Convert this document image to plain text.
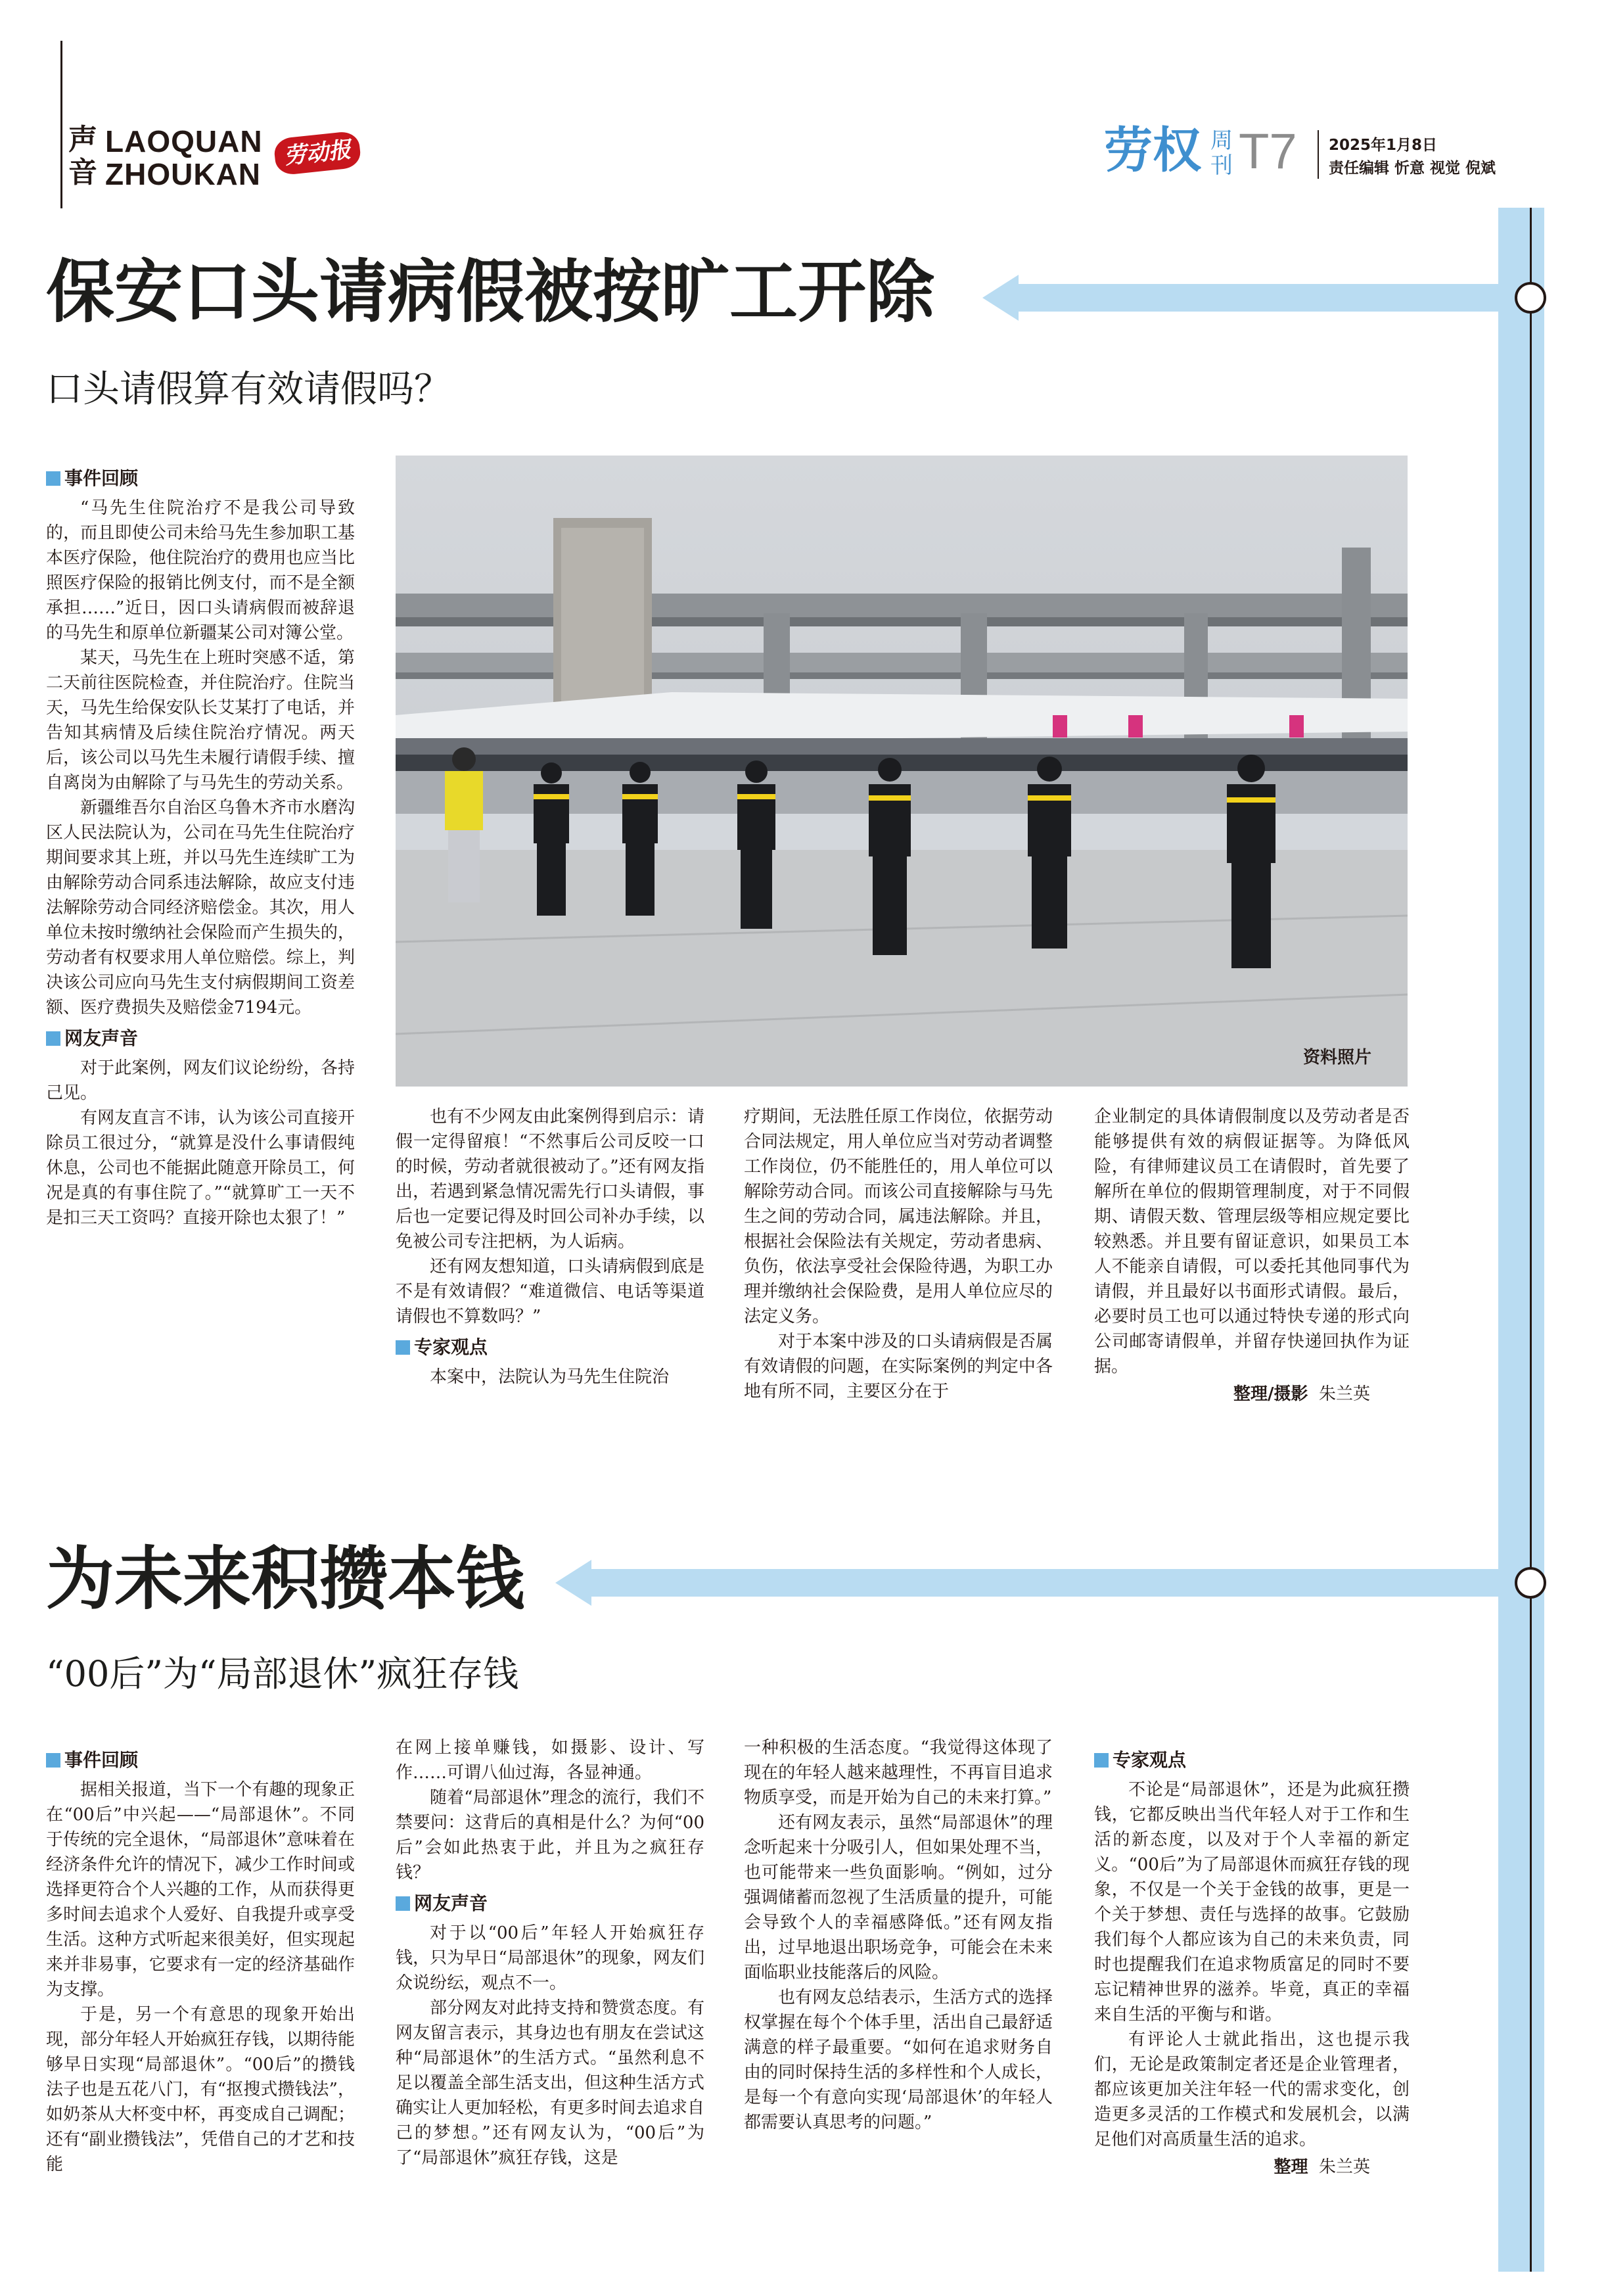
声
音
LAOQUAN
ZHOUKAN
劳动报	劳权 周
刊 T7 2025年1月8日
责任编辑 忻意 视觉 倪斌
保安口头请病假被按旷工开除
口头请假算有效请假吗？
资料照片
事件回顾

“马先生住院治疗不是我公司导致的，而且即使公司未给马先生参加职工基本医疗保险，他住院治疗的费用也应当比照医疗保险的报销比例支付，而不是全额承担……”近日，因口头请病假而被辞退的马先生和原单位新疆某公司对簿公堂。

某天，马先生在上班时突感不适，第二天前往医院检查，并住院治疗。住院当天，马先生给保安队长艾某打了电话，并告知其病情及后续住院治疗情况。两天后，该公司以马先生未履行请假手续、擅自离岗为由解除了与马先生的劳动关系。

新疆维吾尔自治区乌鲁木齐市水磨沟区人民法院认为，公司在马先生住院治疗期间要求其上班，并以马先生连续旷工为由解除劳动合同系违法解除，故应支付违法解除劳动合同经济赔偿金。其次，用人单位未按时缴纳社会保险而产生损失的，劳动者有权要求用人单位赔偿。综上，判决该公司应向马先生支付病假期间工资差额、医疗费损失及赔偿金7194元。

网友声音

对于此案例，网友们议论纷纷，各持己见。

有网友直言不讳，认为该公司直接开除员工很过分，“就算是没什么事请假纯休息，公司也不能据此随意开除员工，何况是真的有事住院了。”“就算旷工一天不是扣三天工资吗？直接开除也太狠了！”

也有不少网友由此案例得到启示：请假一定得留痕！“不然事后公司反咬一口的时候，劳动者就很被动了。”还有网友指出，若遇到紧急情况需先行口头请假，事后也一定要记得及时回公司补办手续，以免被公司专注把柄，为人诟病。

还有网友想知道，口头请病假到底是不是有效请假？“难道微信、电话等渠道请假也不算数吗？”

专家观点

本案中，法院认为马先生住院治

疗期间，无法胜任原工作岗位，依据劳动合同法规定，用人单位应当对劳动者调整工作岗位，仍不能胜任的，用人单位可以解除劳动合同。而该公司直接解除与马先生之间的劳动合同，属违法解除。并且，根据社会保险法有关规定，劳动者患病、负伤，依法享受社会保险待遇，为职工办理并缴纳社会保险费，是用人单位应尽的法定义务。

对于本案中涉及的口头请病假是否属有效请假的问题，在实际案例的判定中各地有所不同，主要区分在于

企业制定的具体请假制度以及劳动者是否能够提供有效的病假证据等。为降低风险，有律师建议员工在请假时，首先要了解所在单位的假期管理制度，对于不同假期、请假天数、管理层级等相应规定要比较熟悉。并且要有留证意识，如果员工本人不能亲自请假，可以委托其他同事代为请假，并且最好以书面形式请假。最后，必要时员工也可以通过特快专递的形式向公司邮寄请假单，并留存快递回执作为证据。

整理/摄影 朱兰英
为未来积攒本钱
“00后”为“局部退休”疯狂存钱
事件回顾

据相关报道，当下一个有趣的现象正在“00后”中兴起——“局部退休”。不同于传统的完全退休，“局部退休”意味着在经济条件允许的情况下，减少工作时间或选择更符合个人兴趣的工作，从而获得更多时间去追求个人爱好、自我提升或享受生活。这种方式听起来很美好，但实现起来并非易事，它要求有一定的经济基础作为支撑。

于是，另一个有意思的现象开始出现，部分年轻人开始疯狂存钱，以期待能够早日实现“局部退休”。“00后”的攒钱法子也是五花八门，有“抠搜式攒钱法”，如奶茶从大杯变中杯，再变成自己调配；还有“副业攒钱法”，凭借自己的才艺和技能

在网上接单赚钱，如摄影、设计、写作……可谓八仙过海，各显神通。

随着“局部退休”理念的流行，我们不禁要问：这背后的真相是什么？为何“00后”会如此热衷于此，并且为之疯狂存钱？

网友声音

对于以“00后”年轻人开始疯狂存钱，只为早日“局部退休”的现象，网友们众说纷纭，观点不一。

部分网友对此持支持和赞赏态度。有网友留言表示，其身边也有朋友在尝试这种“局部退休”的生活方式。“虽然利息不足以覆盖全部生活支出，但这种生活方式确实让人更加轻松，有更多时间去追求自己的梦想。”还有网友认为，“00后”为了“局部退休”疯狂存钱，这是

一种积极的生活态度。“我觉得这体现了现在的年轻人越来越理性，不再盲目追求物质享受，而是开始为自己的未来打算。”

还有网友表示，虽然“局部退休”的理念听起来十分吸引人，但如果处理不当，也可能带来一些负面影响。“例如，过分强调储蓄而忽视了生活质量的提升，可能会导致个人的幸福感降低。”还有网友指出，过早地退出职场竞争，可能会在未来面临职业技能落后的风险。

也有网友总结表示，生活方式的选择权掌握在每个个体手里，活出自己最舒适满意的样子最重要。“如何在追求财务自由的同时保持生活的多样性和个人成长，是每一个有意向实现‘局部退休’的年轻人都需要认真思考的问题。”

专家观点

不论是“局部退休”，还是为此疯狂攒钱，它都反映出当代年轻人对于工作和生活的新态度，以及对于个人幸福的新定义。“00后”为了局部退休而疯狂存钱的现象，不仅是一个关于金钱的故事，更是一个关于梦想、责任与选择的故事。它鼓励我们每个人都应该为自己的未来负责，同时也提醒我们在追求物质富足的同时不要忘记精神世界的滋养。毕竟，真正的幸福来自生活的平衡与和谐。

有评论人士就此指出，这也提示我们，无论是政策制定者还是企业管理者，都应该更加关注年轻一代的需求变化，创造更多灵活的工作模式和发展机会，以满足他们对高质量生活的追求。

整理 朱兰英
